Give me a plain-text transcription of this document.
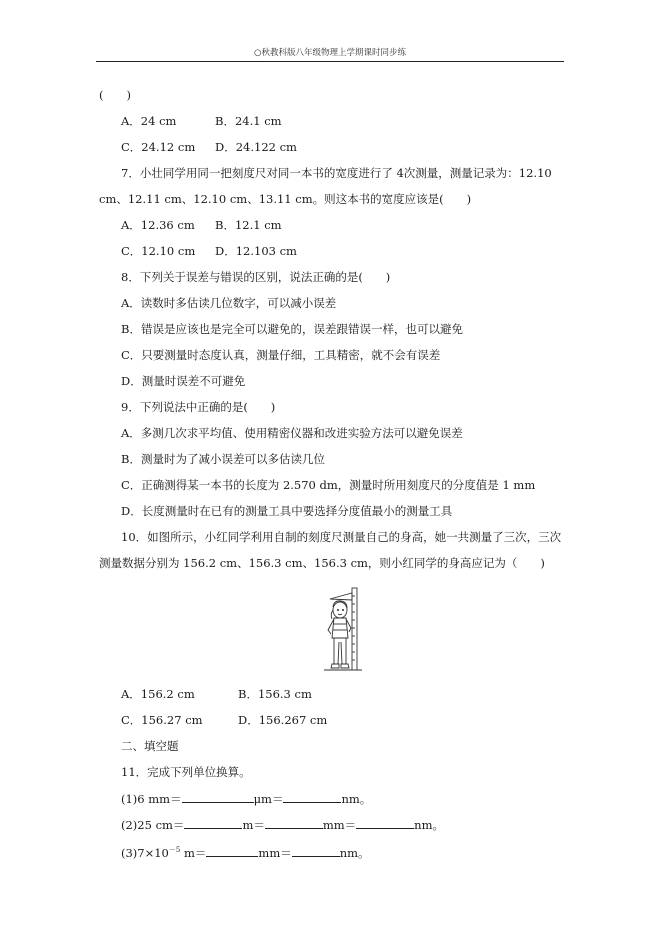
○秋教科版八年级物理上学期课时同步练
(　　)
A．24 cm	B．24.1 cm
C．24.12 cm D．24.122 cm
7．小壮同学用同一把刻度尺对同一本书的宽度进行了 4次测量，测量记录为：12.10
cm、12.11 cm、12.10 cm、13.11 cm。则这本书的宽度应该是(　　)
A．12.36 cm B．12.1 cm
C．12.10 cm D．12.103 cm
8．下列关于误差与错误的区别，说法正确的是(　　)
A．读数时多估读几位数字，可以减小误差
B．错误是应该也是完全可以避免的，误差跟错误一样，也可以避免
C．只要测量时态度认真，测量仔细，工具精密，就不会有误差
D．测量时误差不可避免
9．下列说法中正确的是(　　)
A．多测几次求平均值、使用精密仪器和改进实验方法可以避免误差
B．测量时为了减小误差可以多估读几位
C．正确测得某一本书的长度为 2.570 dm，测量时所用刻度尺的分度值是 1 mm
D．长度测量时在已有的测量工具中要选择分度值最小的测量工具
10．如图所示，小红同学利用自制的刻度尺测量自己的身高，她一共测量了三次，三次
测量数据分别为 156.2 cm、156.3 cm、156.3 cm，则小红同学的身高应记为（　　)
A．156.2 cm	B．156.3 cm
C．156.27 cm	D．156.267 cm
二、填空题
11．完成下列单位换算。
(1)6 mm＝	μm＝	nm。
(2)25 cm＝	m＝	mm＝	nm。
$(3)7\times 10^{-5}$ m＝	mm＝	nm。
